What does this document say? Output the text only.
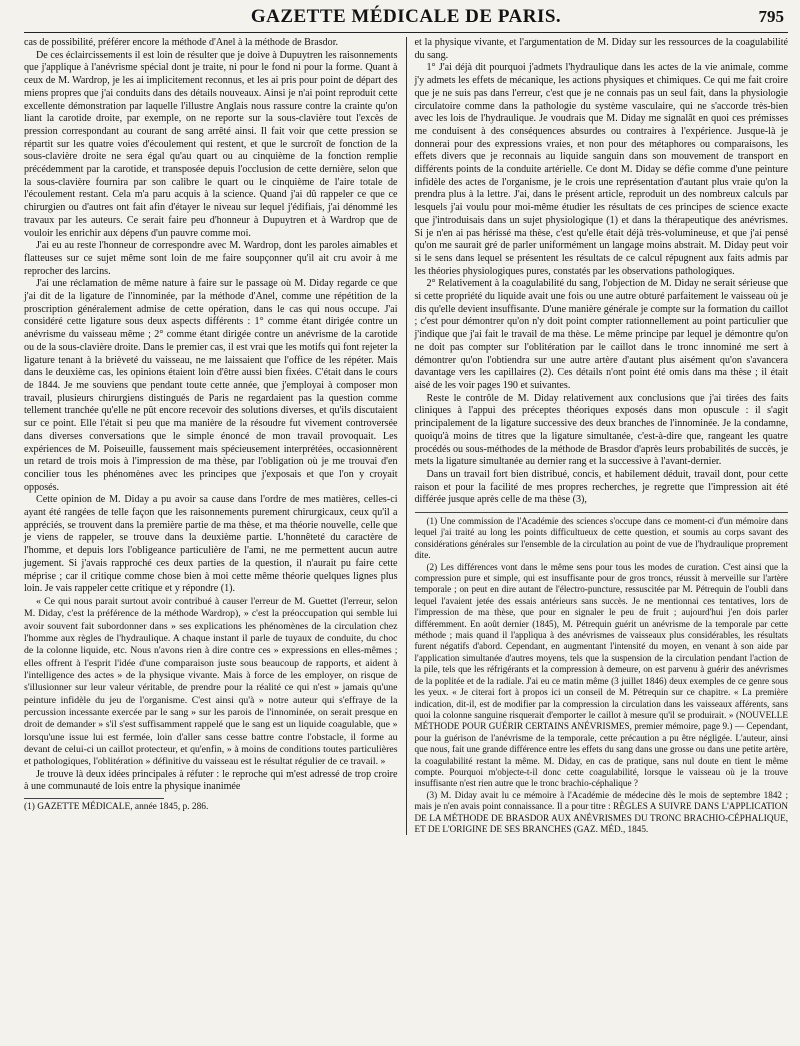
GAZETTE MÉDICALE DE PARIS.	795

cas de possibilité, préférer encore la méthode d'Anel à la méthode de Brasdor.

De ces éclaircissements il est loin de résulter que je doive à Dupuytren les raisonnements que j'applique à l'anévrisme spécial dont je traite, ni pour le fond ni pour la forme. Quant à ceux de M. Wardrop, je les ai implicitement reconnus, et les ai pris pour point de départ des miens propres que j'ai conduits dans des détails nouveaux. Ainsi je n'ai point reproduit cette excellente démonstration par laquelle l'illustre Anglais nous rassure contre la crainte qu'on liant la carotide droite, par exemple, on ne reporte sur la sous-clavière tout l'excès de pression correspondant au courant de sang arrêté ainsi. Il fait voir que cette pression se répartit sur les quatre voies d'écoulement qui restent, et que le surcroît de fonction de la sous-clavière droite ne sera égal qu'au quart ou au cinquième de la fonction remplie précédemment par la carotide, et transposée depuis l'occlusion de cette dernière, selon que la sous-clavière fournira par son calibre le quart ou le cinquième de l'aire totale de l'écoulement restant. Cela m'a paru acquis à la science. Quand j'ai dû rappeler ce que ce chirurgien ou d'autres ont fait afin d'étayer le niveau sur lequel j'édifiais, j'ai dénommé les travaux par les auteurs. Ce serait faire peu d'honneur à Dupuytren et à Wardrop que de vouloir les enrichir aux dépens d'un pauvre comme moi.

J'ai eu au reste l'honneur de correspondre avec M. Wardrop, dont les paroles aimables et flatteuses sur ce sujet même sont loin de me faire soupçonner qu'il ait cru avoir à me reprocher des larcins.

J'ai une réclamation de même nature à faire sur le passage où M. Diday regarde ce que j'ai dit de la ligature de l'innominée, par la méthode d'Anel, comme une répétition de la proscription généralement admise de cette opération, dans le cas qui nous occupe. J'ai considéré cette ligature sous deux aspects différents : 1° comme étant dirigée contre un anévrisme du vaisseau même ; 2° comme étant dirigée contre un anévrisme de la carotide ou de la sous-clavière droite. Dans le premier cas, il est vrai que les motifs qui font rejeter la ligature tenant à la brièveté du vaisseau, ne me laissaient que l'office de les répéter. Mais dans le deuxième cas, les opinions étaient loin d'être aussi bien fixées. C'était dans le cours de 1844. Je me souviens que pendant toute cette année, que j'employai à composer mon travail, plusieurs chirurgiens distingués de Paris ne regardaient pas la question comme tellement tranchée qu'elle ne pût encore recevoir des solutions diverses, et qu'ils discutaient sur ce point. Elle l'était si peu que ma manière de la résoudre fut vivement controversée dans diverses conversations que le simple énoncé de mon travail provoquait. Les expériences de M. Poiseuille, faussement mais spécieusement interprétées, occasionnèrent un retard de trois mois à l'impression de ma thèse, par l'obligation où je me trouvai d'en concilier tous les phénomènes avec les principes que j'exposais et que l'on y croyait opposés.

Cette opinion de M. Diday a pu avoir sa cause dans l'ordre de mes matières, celles-ci ayant été rangées de telle façon que les raisonnements purement chirurgicaux, ceux qu'il a appréciés, se trouvent dans la première partie de ma thèse, et ma théorie nouvelle, celle que je viens de rappeler, se trouve dans la deuxième partie. L'honnêteté du caractère de l'homme, et depuis lors l'obligeance particulière de l'ami, ne me permettent aucun autre jugement. Si j'avais rapproché ces deux parties de la question, il n'aurait pu faire cette méprise ; car il critique comme chose bien à moi cette même théorie quelques lignes plus loin. Je vais rappeler cette critique et y répondre (1).

« Ce qui nous parait surtout avoir contribué à causer l'erreur de M. Guettet (l'erreur, selon M. Diday, c'est la préférence de la méthode Wardrop), » c'est la préoccupation qui semble lui avoir souvent fait subordonner dans » ses explications les phénomènes de la circulation chez l'homme aux règles de l'hydraulique. A chaque instant il parle de tuyaux de conduite, du choc de la colonne liquide, etc. Nous n'avons rien à dire contre ces » expressions en elles-mêmes ; elles offrent à l'esprit l'idée d'une comparaison juste sous beaucoup de rapports, et aident à l'intelligence des actes » de la physique vivante. Mais à force de les employer, on risque de s'illusionner sur leur valeur véritable, de prendre pour la réalité ce qui n'est » jamais qu'une peinture infidèle du jeu de l'organisme. C'est ainsi qu'à » notre auteur qui s'effraye de la percussion incessante exercée par le sang » sur les parois de l'innominée, on serait presque en droit de demander » s'il s'est suffisamment rappelé que le sang est un liquide coagulable, que » lorsqu'une issue lui est fermée, loin d'aller sans cesse battre contre l'obstacle, il forme au devant de celui-ci un caillot protecteur, et qu'enfin, » à moins de conditions toutes particulières et pathologiques, l'oblitération » définitive du vaisseau est le résultat régulier de ce travail. »

Je trouve là deux idées principales à réfuter : le reproche qui m'est adressé de trop croire à une communauté de lois entre la physique inanimée

(1) GAZETTE MÉDICALE, année 1845, p. 286.

et la physique vivante, et l'argumentation de M. Diday sur les ressources de la coagulabilité du sang.

1° J'ai déjà dit pourquoi j'admets l'hydraulique dans les actes de la vie animale, comme j'y admets les effets de mécanique, les actions physiques et chimiques. Ce qui me fait croire que je ne suis pas dans l'erreur, c'est que je ne connais pas un seul fait, dans la physiologie circulatoire comme dans la pathologie du système vasculaire, qui ne s'accorde très-bien avec les lois de l'hydraulique. Je voudrais que M. Diday me signalât en quoi ces prémisses me conduisent à des conséquences absurdes ou contraires à l'expérience. Jusque-là je donnerai pour des expressions vraies, et non pour des métaphores ou comparaisons, les effets divers que je reconnais au liquide sanguin dans son mouvement de transport en différents points de la conduite artérielle. Ce dont M. Diday se défie comme d'une peinture infidèle des actes de l'organisme, je le crois une représentation d'autant plus vraie qu'on la prendra plus à la lettre. J'ai, dans le présent article, reproduit un des nombreux calculs par lesquels j'ai voulu pour moi-même étudier les résultats de ces principes de science exacte que j'introduisais dans un sujet physiologique (1) et dans la thérapeutique des anévrismes. Si je n'en ai pas hérissé ma thèse, c'est qu'elle était déjà très-volumineuse, et que j'ai pensé qu'on me saurait gré de parler uniformément un langage moins abstrait. M. Diday peut voir si le sens dans lequel se présentent les résultats de ce calcul répugnent aux faits admis par les théories physiologiques pures, constatés par les observations pathologiques.

2° Relativement à la coagulabilité du sang, l'objection de M. Diday ne serait sérieuse que si cette propriété du liquide avait une fois ou une autre obturé parfaitement le vaisseau où je dis qu'elle devient insuffisante. D'une manière générale je compte sur la formation du caillot ; c'est pour démontrer qu'on n'y doit point compter rationnellement au point particulier que j'indique que j'ai fait le travail de ma thèse. Le même principe par lequel je démontre qu'on ne doit pas compter sur l'oblitération par le caillot dans le tronc innominé me sert à démontrer qu'on l'obtiendra sur une autre artère d'autant plus aisément qu'on s'avancera davantage vers les capillaires (2). Ces détails n'ont point été omis dans ma thèse ; il était aisé de les voir pages 190 et suivantes.

Reste le contrôle de M. Diday relativement aux conclusions que j'ai tirées des faits cliniques à l'appui des préceptes théoriques exposés dans mon opuscule : il s'agit principalement de la ligature successive des deux branches de l'innominée. Je la condamne, quoiqu'à moins de titres que la ligature simultanée, c'est-à-dire que, rangeant les quatre procédés ou sous-méthodes de la méthode de Brasdor d'après leurs probabilités de succès, je mets la ligature simultanée au dernier rang et la successive à l'avant-dernier.

Dans un travail fort bien distribué, concis, et habilement déduit, travail dont, pour cette raison et pour la facilité de mes propres recherches, je regrette que l'impression ait été différée jusque après celle de ma thèse (3),

(1) Une commission de l'Académie des sciences s'occupe dans ce moment-ci d'un mémoire dans lequel j'ai traité au long les points difficultueux de cette question, et soumis au corps savant des considérations générales sur l'ensemble de la circulation au point de vue de l'hydraulique proprement dite.

(2) Les différences vont dans le même sens pour tous les modes de curation. C'est ainsi que la compression pure et simple, qui est insuffisante pour de gros troncs, réussit à merveille sur l'artère temporale ; on peut en dire autant de l'électro-puncture, ressuscitée par M. Pétrequin de l'oubli dans lequel l'avaient jetée des essais antérieurs sans succès. Je ne mentionnai ces tentatives, lors de l'impression de ma thèse, que pour en signaler le peu de fruit ; aujourd'hui j'en dois parler différemment. En août dernier (1845), M. Pétrequin guérit un anévrisme de la temporale par cette méthode ; mais quand il l'appliqua à des anévrismes de vaisseaux plus considérables, les résultats furent négatifs d'abord. Cependant, en augmentant l'intensité du moyen, en venant à son aide par l'application simultanée d'autres moyens, tels que la suspension de la circulation pendant l'action de la pile, tels que les réfrigérants et la compression à demeure, on est parvenu à guérir des anévrismes de la poplitée et de la radiale. J'ai eu ce matin même (3 juillet 1846) deux exemples de ce genre sous les yeux. « Je citerai fort à propos ici un conseil de M. Pétrequin sur ce chapitre. « La première indication, dit-il, est de modifier par la compression la circulation dans les vaisseaux afférents, sans quoi la colonne sanguine risquerait d'emporter le caillot à mesure qu'il se produirait. » (NOUVELLE MÉTHODE POUR GUÉRIR CERTAINS ANÉVRISMES, premier mémoire, page 9.) — Cependant, pour la guérison de l'anévrisme de la temporale, cette précaution a pu être négligée. L'auteur, ainsi que nous, fait une grande différence entre les effets du sang dans une grosse ou dans une petite artère, la coagulabilité restant la même. M. Diday, en cas de pratique, sans nul doute en tient le même compte. Pourquoi m'objecte-t-il donc cette coagulabilité, lorsque le vaisseau où je la trouve insuffisante n'est rien autre que le tronc brachio-céphalique ?

(3) M. Diday avait lu ce mémoire à l'Académie de médecine dès le mois de septembre 1842 ; mais je n'en avais point connaissance. Il a pour titre : RÈGLES A SUIVRE DANS L'APPLICATION DE LA MÉTHODE DE BRASDOR AUX ANÉVRISMES DU TRONC BRACHIO-CÉPHALIQUE, ET DE L'ORIGINE DE SES BRANCHES (GAZ. MÉD., 1845.
